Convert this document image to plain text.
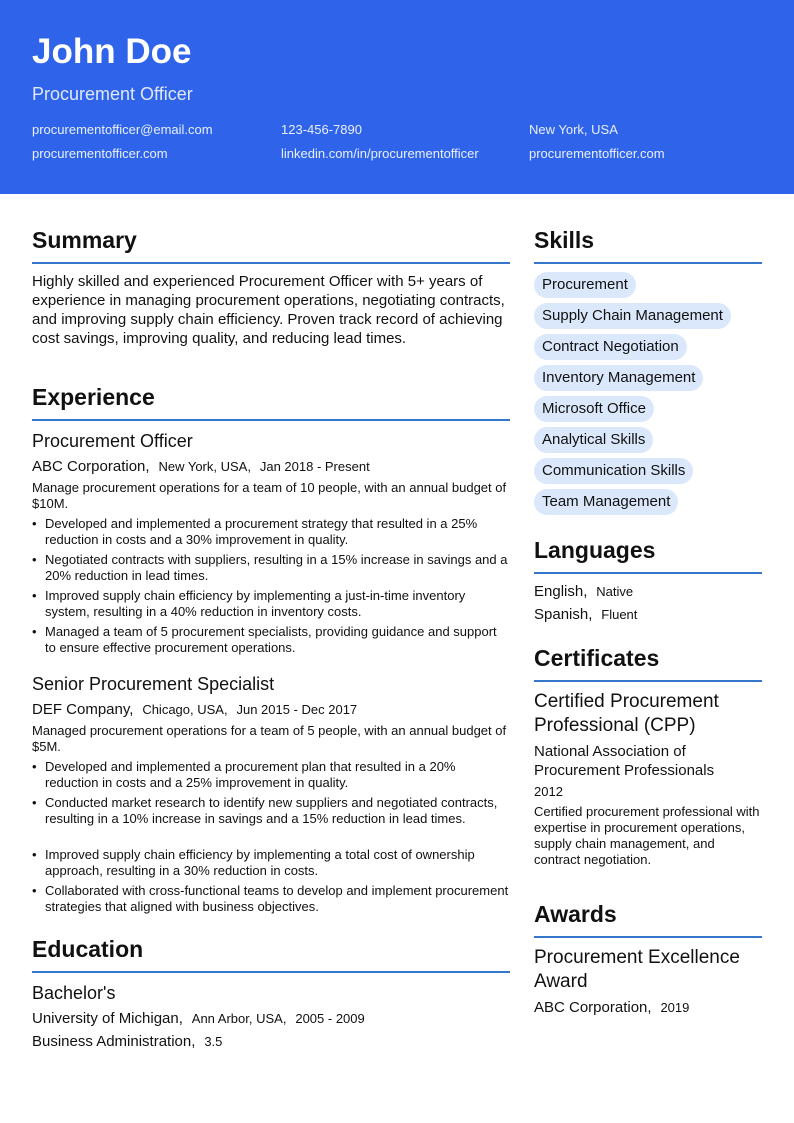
John Doe
Procurement Officer
procurementofficer@email.com	123-456-7890	New York, USA
procurementofficer.com	linkedin.com/in/procurementofficer	procurementofficer.com
Summary
Highly skilled and experienced Procurement Officer with 5+ years of experience in managing procurement operations, negotiating contracts, and improving supply chain efficiency. Proven track record of achieving cost savings, improving quality, and reducing lead times.
Experience
Procurement Officer
ABC Corporation, New York, USA, Jan 2018 - Present
Manage procurement operations for a team of 10 people, with an annual budget of $10M.
• Developed and implemented a procurement strategy that resulted in a 25% reduction in costs and a 30% improvement in quality.
• Negotiated contracts with suppliers, resulting in a 15% increase in savings and a 20% reduction in lead times.
• Improved supply chain efficiency by implementing a just-in-time inventory system, resulting in a 40% reduction in inventory costs.
• Managed a team of 5 procurement specialists, providing guidance and support to ensure effective procurement operations.
Senior Procurement Specialist
DEF Company, Chicago, USA, Jun 2015 - Dec 2017
Managed procurement operations for a team of 5 people, with an annual budget of $5M.
• Developed and implemented a procurement plan that resulted in a 20% reduction in costs and a 25% improvement in quality.
• Conducted market research to identify new suppliers and negotiated contracts, resulting in a 10% increase in savings and a 15% reduction in lead times.
• Improved supply chain efficiency by implementing a total cost of ownership approach, resulting in a 30% reduction in costs.
• Collaborated with cross-functional teams to develop and implement procurement strategies that aligned with business objectives.
Education
Bachelor's
University of Michigan, Ann Arbor, USA, 2005 - 2009
Business Administration, 3.5
Skills
Procurement
Supply Chain Management
Contract Negotiation
Inventory Management
Microsoft Office
Analytical Skills
Communication Skills
Team Management
Languages
English, Native
Spanish, Fluent
Certificates
Certified Procurement Professional (CPP)
National Association of Procurement Professionals
2012
Certified procurement professional with expertise in procurement operations, supply chain management, and contract negotiation.
Awards
Procurement Excellence Award
ABC Corporation, 2019
